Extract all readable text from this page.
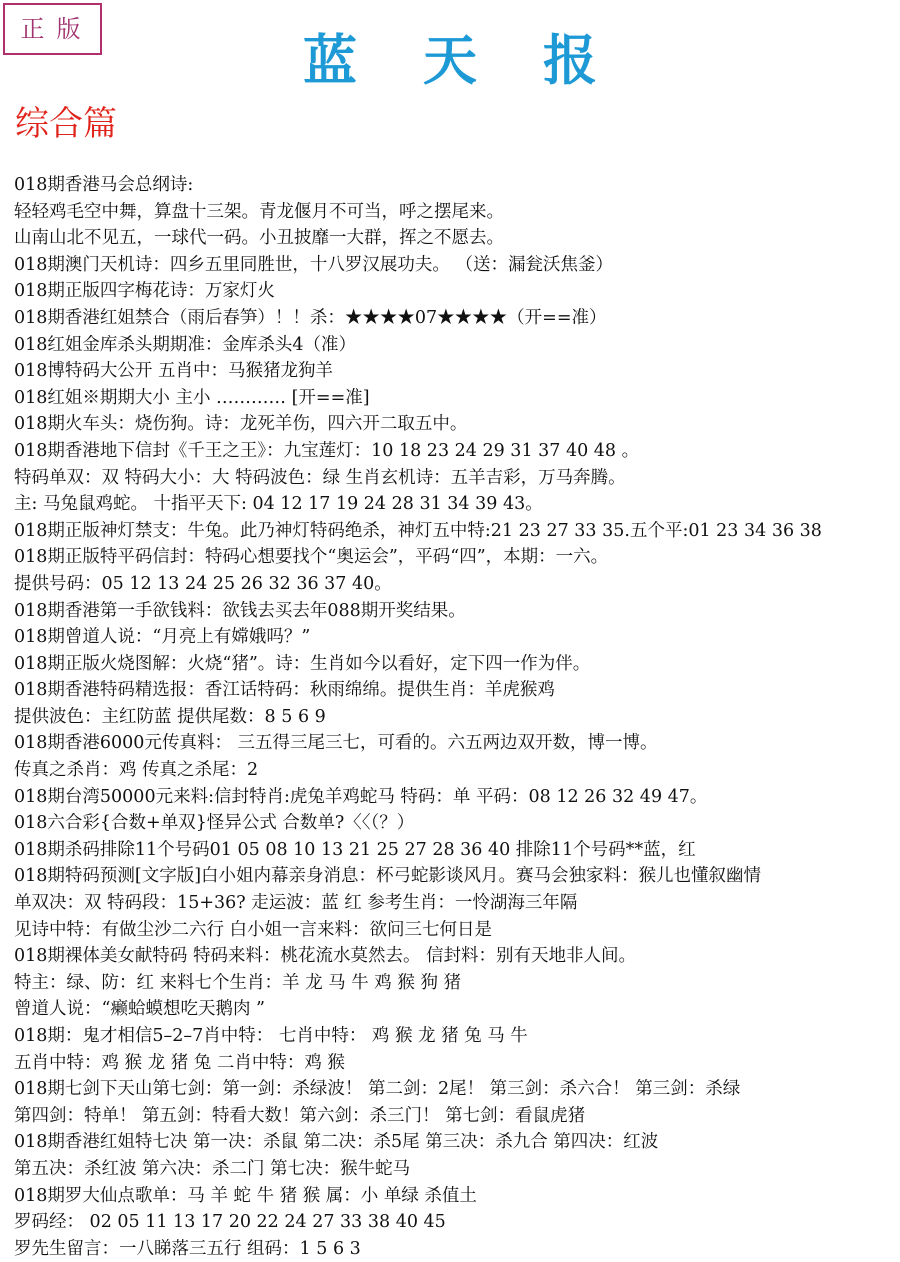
正版	蓝天报
综合篇
018期香港马会总纲诗:
轻轻鸡毛空中舞，算盘十三架。青龙偃月不可当，呼之摆尾来。
山南山北不见五，一球代一码。小丑披靡一大群，挥之不愿去。
018期澳门天机诗：四乡五里同胜世，十八罗汉展功夫。 （送：漏瓮沃焦釜）
018期正版四字梅花诗：万家灯火
018期香港红姐禁合（雨后春笋）！！杀：★★★★07★★★★（开==准）
018红姐金库杀头期期准：金库杀头4（准）
018博特码大公开 五肖中：马猴猪龙狗羊
018红姐※期期大小 主小 ………… [开==准]
018期火车头：烧伤狗。诗：龙死羊伤，四六开二取五中。
018期香港地下信封《千王之王》：九宝莲灯：10 18 23 24 29 31 37 40 48 。
特码单双：双 特码大小：大 特码波色：绿 生肖玄机诗：五羊吉彩，万马奔腾。
主: 马兔鼠鸡蛇。 十指平天下: 04 12 17 19 24 28 31 34 39 43。
018期正版神灯禁支：牛兔。此乃神灯特码绝杀，神灯五中特:21 23 27 33 35.五个平:01 23 34 36 38
018期正版特平码信封：特码心想要找个“奥运会”，平码“四”，本期：一六。
提供号码：05 12 13 24 25 26 32 36 37 40。
018期香港第一手欲钱料：欲钱去买去年088期开奖结果。
018期曾道人说：“月亮上有嫦娥吗？”
018期正版火烧图解：火烧“猪”。诗：生肖如今以看好，定下四一作为伴。
018期香港特码精选报：香江话特码：秋雨绵绵。提供生肖：羊虎猴鸡
提供波色：主红防蓝 提供尾数：8 5 6 9
018期香港6000元传真料： 三五得三尾三七，可看的。六五两边双开数，博一博。
传真之杀肖：鸡 传真之杀尾：2
018期台湾50000元来料:信封特肖:虎兔羊鸡蛇马 特码：单 平码：08 12 26 32 49 47。
018六合彩{合数+单双}怪异公式 合数单?〈〈（？）
018期杀码排除11个号码01 05 08 10 13 21 25 27 28 36 40 排除11个号码**蓝，红
018期特码预测[文字版]白小姐内幕亲身消息：杯弓蛇影谈风月。赛马会独家料：猴儿也懂叙幽情
单双决：双 特码段：15+36? 走运波：蓝 红 参考生肖：一怜湖海三年隔
见诗中特：有做尘沙二六行 白小姐一言来料：欲问三七何日是
018期裸体美女献特码 特码来料：桃花流水莫然去。 信封料：别有天地非人间。
特主：绿、防：红 来料七个生肖：羊 龙 马 牛 鸡 猴 狗 猪
曾道人说：“癞蛤蟆想吃天鹅肉 ”
018期：鬼才相信5–2–7肖中特： 七肖中特： 鸡 猴 龙 猪 兔 马 牛
五肖中特：鸡 猴 龙 猪 兔 二肖中特：鸡 猴
018期七剑下天山第七剑：第一剑：杀绿波！ 第二剑：2尾！ 第三剑：杀六合！ 第三剑：杀绿
第四剑：特单！ 第五剑：特看大数！第六剑：杀三门！ 第七剑：看鼠虎猪
018期香港红姐特七决 第一决：杀鼠 第二决：杀5尾 第三决：杀九合 第四决：红波
第五决：杀红波 第六决：杀二门 第七决：猴牛蛇马
018期罗大仙点歌单：马 羊 蛇 牛 猪 猴 属：小 单绿 杀值土
罗码经： 02 05 11 13 17 20 22 24 27 33 38 40 45
罗先生留言：一八睇落三五行 组码：1 5 6 3
